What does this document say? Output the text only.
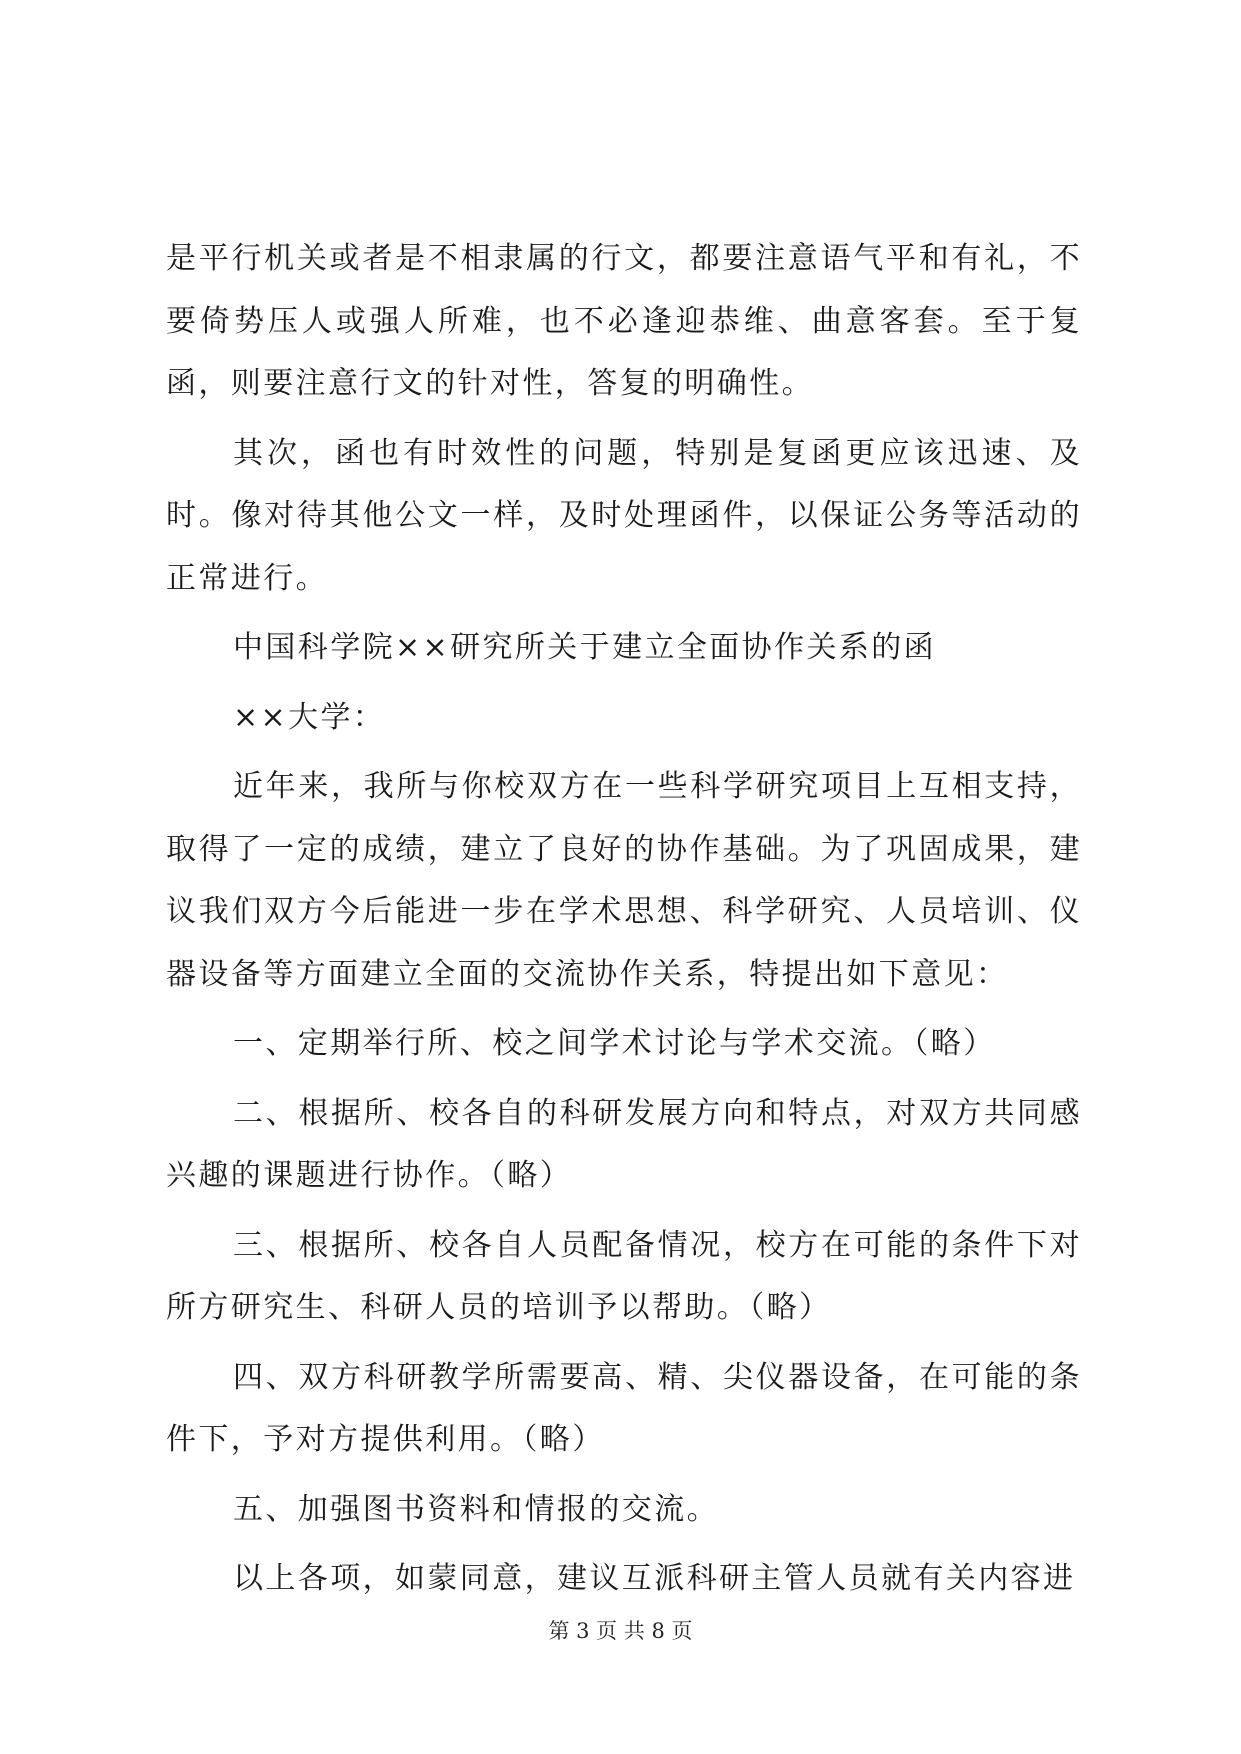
是平行机关或者是不相隶属的行文，都要注意语气平和有礼，不要倚势压人或强人所难，也不必逢迎恭维、曲意客套。至于复函，则要注意行文的针对性，答复的明确性。

其次，函也有时效性的问题，特别是复函更应该迅速、及时。像对待其他公文一样，及时处理函件，以保证公务等活动的正常进行。

中国科学院××研究所关于建立全面协作关系的函

××大学：

近年来，我所与你校双方在一些科学研究项目上互相支持，取得了一定的成绩，建立了良好的协作基础。为了巩固成果，建议我们双方今后能进一步在学术思想、科学研究、人员培训、仪器设备等方面建立全面的交流协作关系，特提出如下意见：

一、定期举行所、校之间学术讨论与学术交流。（略）

二、根据所、校各自的科研发展方向和特点，对双方共同感兴趣的课题进行协作。（略）

三、根据所、校各自人员配备情况，校方在可能的条件下对所方研究生、科研人员的培训予以帮助。（略）

四、双方科研教学所需要高、精、尖仪器设备，在可能的条件下，予对方提供利用。（略）

五、加强图书资料和情报的交流。

以上各项，如蒙同意，建议互派科研主管人员就有关内容进

第 3 页 共 8 页
